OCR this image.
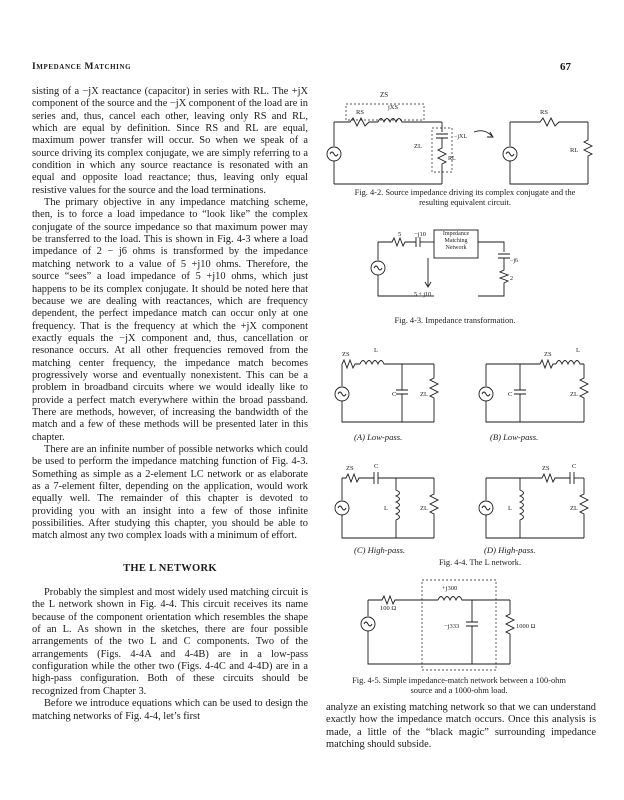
Impedance Matching	67

sisting of a −jX reactance (capacitor) in series with RL. The +jX component of the source and the −jX component of the load are in series and, thus, cancel each other, leaving only RS and RL, which are equal by definition. Since RS and RL are equal, maximum power transfer will occur. So when we speak of a source driving its complex conjugate, we are simply referring to a condition in which any source reactance is resonated with an equal and opposite load reactance; thus, leaving only equal resistive values for the source and the load terminations.

The primary objective in any impedance matching scheme, then, is to force a load impedance to “look like” the complex conjugate of the source impedance so that maximum power may be transferred to the load. This is shown in Fig. 4-3 where a load impedance of 2 − j6 ohms is transformed by the impedance matching network to a value of 5 +j10 ohms. Therefore, the source “sees” a load impedance of 5 +j10 ohms, which just happens to be its complex conjugate. It should be noted here that because we are dealing with reactances, which are frequency dependent, the perfect impedance match can occur only at one frequency. That is the frequency at which the +jX component exactly equals the −jX component and, thus, cancellation or resonance occurs. At all other frequencies removed from the matching center frequency, the impedance match becomes progressively worse and eventually nonexistent. This can be a problem in broadband circuits where we would ideally like to provide a perfect match everywhere within the broad passband. There are methods, however, of increasing the bandwidth of the match and a few of these methods will be presented later in this chapter.

There are an infinite number of possible networks which could be used to perform the impedance matching function of Fig. 4-3. Something as simple as a 2-element LC network or as elaborate as a 7-element filter, depending on the application, would work equally well. The remainder of this chapter is devoted to providing you with an insight into a few of those infinite possibilities. After studying this chapter, you should be able to match almost any two complex loads with a minimum of effort.

THE L NETWORK

Probably the simplest and most widely used matching circuit is the L network shown in Fig. 4-4. This circuit receives its name because of the component orientation which resembles the shape of an L. As shown in the sketches, there are four possible arrangements of the two L and C components. Two of the arrangements (Figs. 4-4A and 4-4B) are in a low-pass configuration while the other two (Figs. 4-4C and 4-4D) are in a high-pass configuration. Both of these circuits should be recognized from Chapter 3.

Before we introduce equations which can be used to design the matching networks of Fig. 4-4, let’s first

ZS
RS
jXS
ZL
−jXL
RL
RS
RL
Fig. 4-2. Source impedance driving its complex conjugate and the resulting equivalent circuit.
5 −j10	Impedance Matching Network
−j6
2
5 + j10
Fig. 4-3. Impedance transformation.
ZS
L
C	ZL
ZS
L
C	ZL
(A) Low-pass.	(B) Low-pass.
ZS	C
L	ZL
ZS	C
L	ZL
(C) High-pass.	(D) High-pass.
Fig. 4-4. The L network.
+j300
100 Ω
−j333	1000 Ω
Fig. 4-5. Simple impedance-match network between a 100-ohm source and a 1000-ohm load.

analyze an existing matching network so that we can understand exactly how the impedance match occurs. Once this analysis is made, a little of the “black magic” surrounding impedance matching should subside.
